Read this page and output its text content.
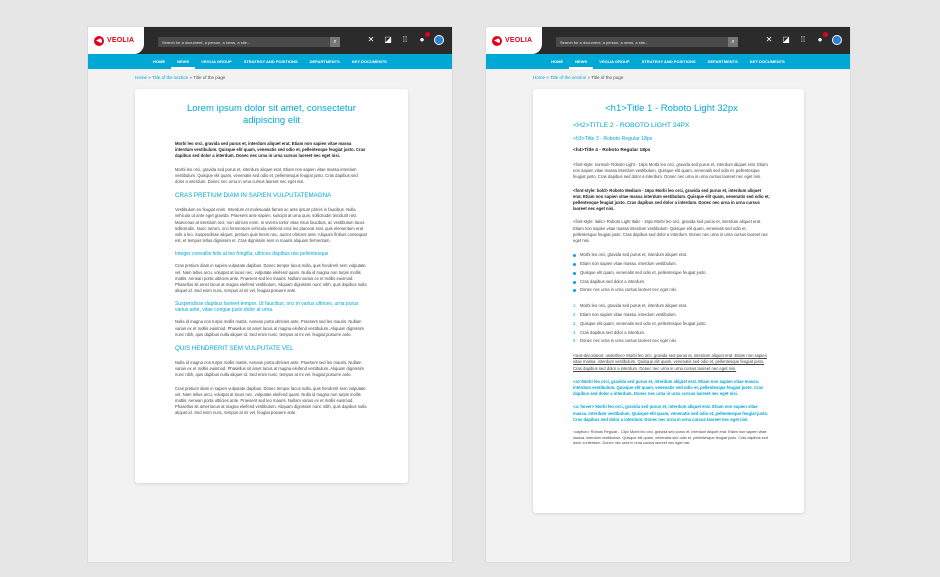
VEOLIA
Search for a document, a person, a news, a site...	⌕	✕ ◪	⁞⁞	●
HOME	NEWS	VEOLIA GROUP	STRATEGY AND POSITIONS	DEPARTMENTS	KEY DOCUMENTS
Home » Title of the section » Title of the page
Lorem ipsum dolor sit amet, consectetur adipiscing elit

Morbi leo orci, gravida sed purus et, interdum aliquet erat. Etiam non sapien vitae massa interdum vestibulum. Quisque elit quam, venenatis sed odio et, pellentesque feugiat justo. Cras dapibus sed dolor a interdum. Donec nec urna in urna cursus laoreet nec eget nisi.

Morbi leo orci, gravida sed purus et, interdum aliquet erat. Etiam non sapien vitae massa interdum vestibulum. Quisque elit quam, venenatis sed odio et, pellentesque feugiat justo. Cras dapibus sed dolor a interdum. Donec nec urna in urna cursus laoreet nec eget nisi.

CRAS PRETIUM DIAM IN SAPIEN VULPUTATEMAGNA

Vestibulum eu feugiat enim. Interdum et malesuada fames ac ante ipsum primis in faucibus. Nulla vehicula ut ante eget gravida. Praesent ante sapien, suscipit at urna quis, sollicitudin tincidunt nisl. Maecenas at interdum orci, non ultrices enim. In viverra tortor vitae risus faucibus, ac vestibulum lacus sollicitudin. Nunc rutrum, orci fermentum vehicula eleifend eros leo placerat erat, quis elementum erat velit a leo. Suspendisse aliquet, pretium quis lorem nec, auctor ultricies ante. Aliquam finibus consequat est, et tempus tellus dignissim et. Cras dignissim sem in mauris aliquam fermentum.

Integer convallis felis at leo fringilla, ultrices dapibus nisi pellentesque

Cras pretium diam in sapien vulputate dapibus. Donec tempor lacus nulla, quis hendrerit sem vulputate vel. Nam tellus arcu, volutpat at lacus nec, vulputate eleifend quam. Nulla id magna non turpis mollis mattis. Aenean porta ultricies ante. Praesent sed leo mauris. Nullam varius ex et mollis euismod. Phasellus sit amet lacus at magna eleifend vestibulum. Aliquam dignissim nunc nibh, quis dapibus nulla aliquet id. Sed enim nunc, tempus at mi vel, feugiat posuere ante.

Suspendisse dapibus laoreet tempor. Ut faucibus, orci in varius ultrices, urna purus varius ante, vitae congue justo dolor at urna.

Nulla id magna non turpis mollis mattis. Aenean porta ultricies ante. Praesent sed leo mauris. Nullam varius ex et mollis euismod. Phasellus sit amet lacus at magna eleifend vestibulum. Aliquam dignissim nunc nibh, quis dapibus nulla aliquet id. Sed enim nunc, tempus at mi vel, feugiat posuere ante.

QUIS HENDRERIT SEM VULPUTATE VEL

Nulla id magna non turpis mollis mattis. Aenean porta ultricies ante. Praesent sed leo mauris. Nullam varius ex et mollis euismod. Phasellus sit amet lacus at magna eleifend vestibulum. Aliquam dignissim nunc nibh, quis dapibus nulla aliquet id. Sed enim nunc, tempus at mi vel, feugiat posuere ante.

Cras pretium diam in sapien vulputate dapibus. Donec tempor lacus nulla, quis hendrerit sem vulputate vel. Nam tellus arcu, volutpat at lacus nec, vulputate eleifend quam. Nulla id magna non turpis mollis mattis. Aenean porta ultricies ante. Praesent sed leo mauris. Nullam varius ex et mollis euismod. Phasellus sit amet lacus at magna eleifend vestibulum. Aliquam dignissim nunc nibh, quis dapibus nulla aliquet id. Sed enim nunc, tempus at mi vel, feugiat posuere ante.

VEOLIA
Search for a document, a person, a news, a site...	⌕	✕ ◪	⁞⁞	●
HOME	NEWS	VEOLIA GROUP	STRATEGY AND POSITIONS	DEPARTMENTS	KEY DOCUMENTS
Home » Title of the section » Title of the page
<h1>Title 1 - Roboto Light 32px
<H2>TITLE 2 - ROBOTO LIGHT 24PX
<h3>Title 3 - Roboto Regular 18px
<h4>Title 4 - Roboto Regular 18px

<font-style: normal> Roboto Light - 16px Morbi leo orci, gravida sed purus et, interdum aliquet erat. Etiam non sapien vitae massa interdum vestibulum. Quisque elit quam, venenatis sed odio et, pellentesque feugiat justo. Cras dapibus sed dolor a interdum. Donec nec urna in urna cursus laoreet nec eget nisi.

<font-style: bold> Roboto Medium - 16px Morbi leo orci, gravida sed purus et, interdum aliquet erat. Etiam non sapien vitae massa interdum vestibulum. Quisque elit quam, venenatis sed odio et, pellentesque feugiat justo. Cras dapibus sed dolor a interdum. Donec nec urna in urna cursus laoreet nec eget nisi.

<font-style: italic> Roboto Light Italic - 16px Morbi leo orci, gravida sed purus et, interdum aliquet erat. Etiam non sapien vitae massa interdum vestibulum. Quisque elit quam, venenatis sed odio et, pellentesque feugiat justo. Cras dapibus sed dolor a interdum. Donec nec urna in urna cursus laoreet nec eget nisi.

Morbi leo orci, gravida sed purus et, interdum aliquet erat.
Etiam non sapien vitae massa. interdum vestibulum.
Quisque elit quam, venenatis sed odio et, pellentesque feugiat justo.
Cras dapibus sed dolor a interdum.
Donec nec urna in urna cursus laoreet nec eget nisi.
1. Morbi leo orci, gravida sed purus et, interdum aliquet erat.
2. Etiam non sapien vitae massa. interdum vestibulum.
3. Quisque elit quam, venenatis sed odio et, pellentesque feugiat justo.
4. Cras dapibus sed dolor a interdum.
5. Donec nec urna in urna cursus laoreet nec eget nisi.

<text-decoration: underline> Morbi leo orci, gravida sed purus et, interdum aliquet erat. Etiam non sapien vitae massa. interdum vestibulum. Quisque elit quam, venenatis sed odio et, pellentesque feugiat justo. Cras dapibus sed dolor a interdum. Donec nec urna in urna cursus laoreet nec eget nisi.

<a> Morbi leo orci, gravida sed purus et, interdum aliquet erat. Etiam non sapien vitae massa. interdum vestibulum. Quisque elit quam, venenatis sed odio et, pellentesque feugiat justo. Cras dapibus sed dolor a interdum. Donec nec urna in urna cursus laoreet nec eget nisi.

<a: hover> Morbi leo orci, gravida sed purus et, interdum aliquet erat. Etiam non sapien vitae massa. interdum vestibulum. Quisque elit quam, venenatis sed odio et, pellentesque feugiat justo. Cras dapibus sed dolor a interdum. Donec nec urna in urna cursus laoreet nec eget nisi.

<caption> Roboto Regular - 13px Morbi leo orci, gravida sed purus et, interdum aliquet erat. Etiam non sapien vitae massa. interdum vestibulum. Quisque elit quam, venenatis sed odio et, pellentesque feugiat justo. Cras dapibus sed dolor a interdum. Donec nec urna in urna cursus laoreet nec eget nisi.
